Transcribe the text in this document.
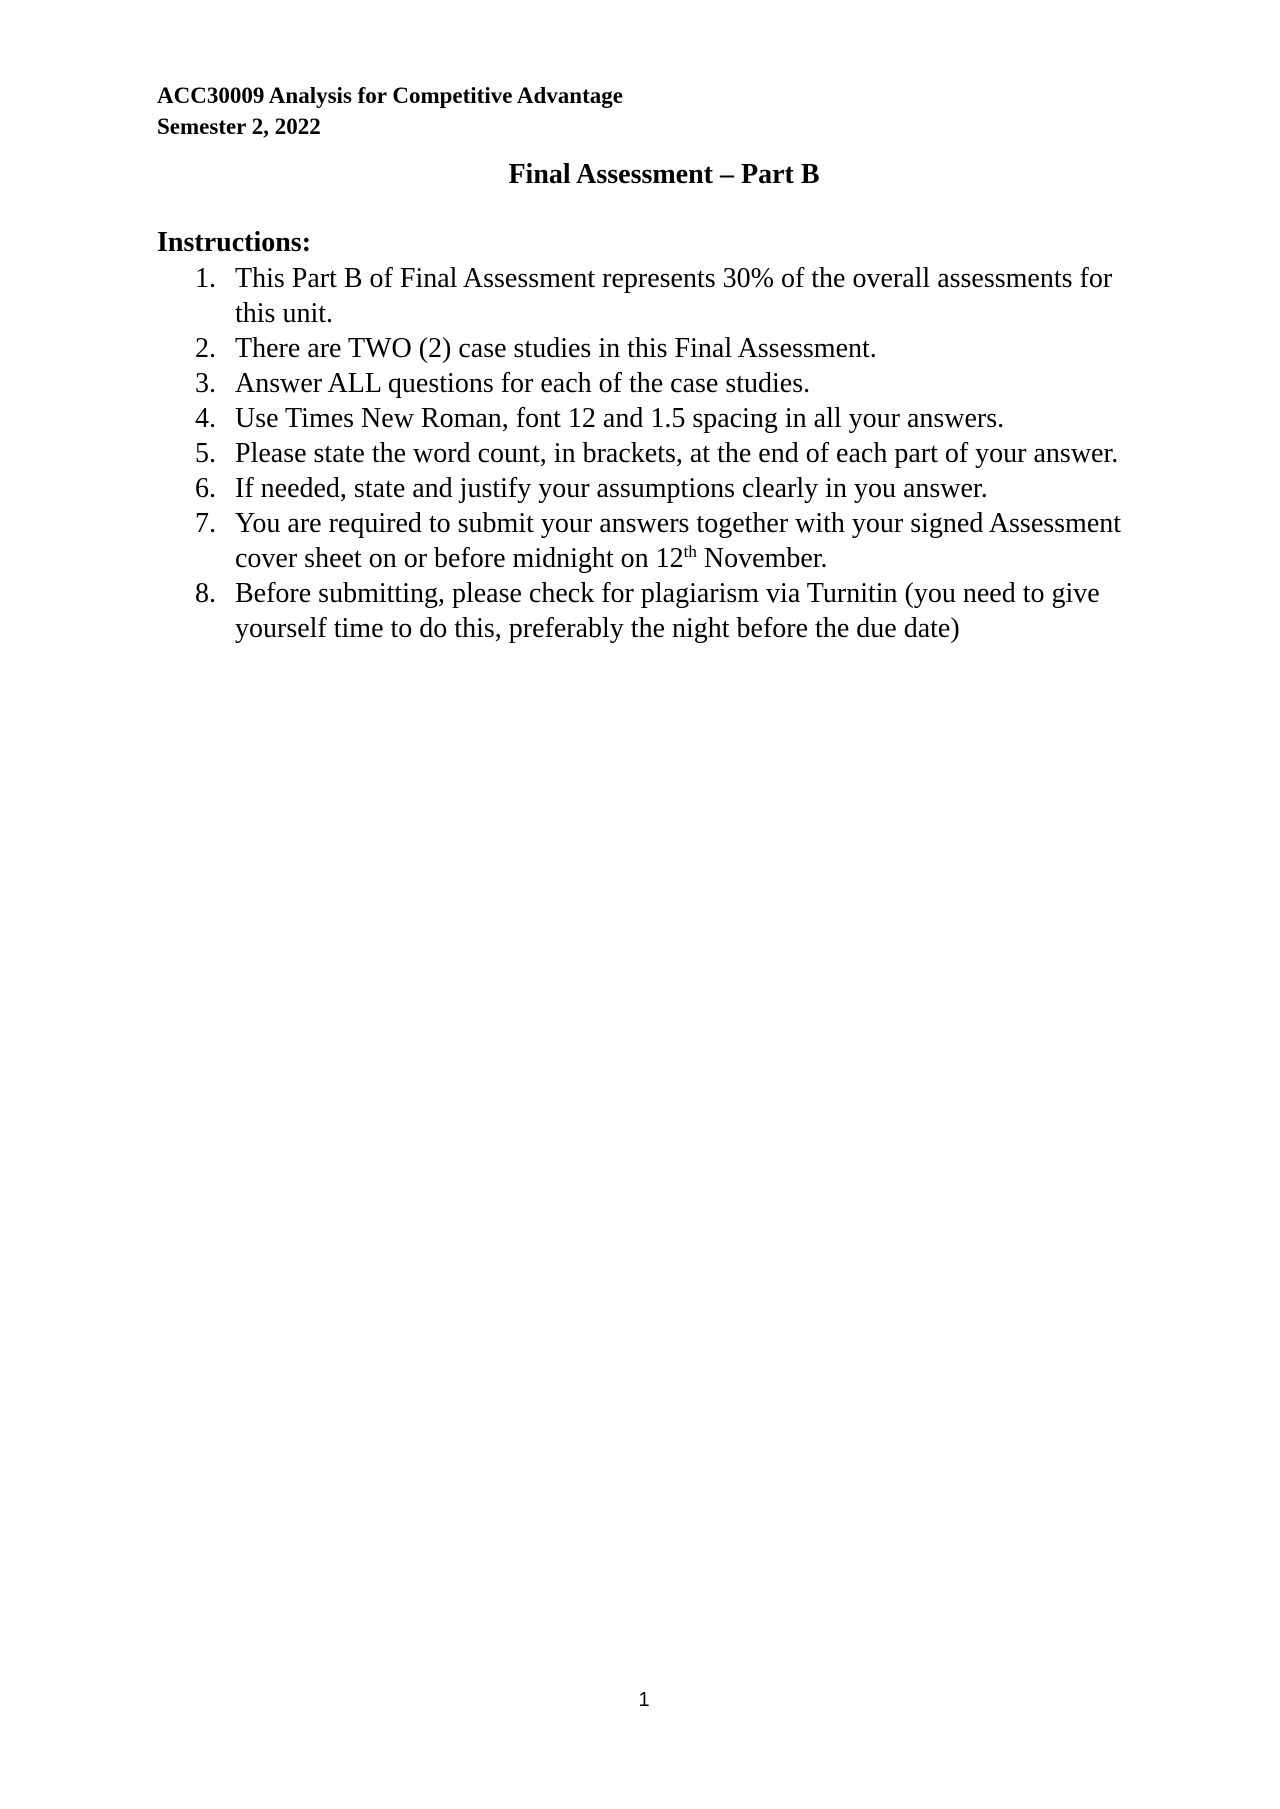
ACC30009 Analysis for Competitive Advantage
Semester 2, 2022
Final Assessment – Part B
Instructions:
1. This Part B of Final Assessment represents 30% of the overall assessments for this unit.
2. There are TWO (2) case studies in this Final Assessment.
3. Answer ALL questions for each of the case studies.
4. Use Times New Roman, font 12 and 1.5 spacing in all your answers.
5. Please state the word count, in brackets, at the end of each part of your answer.
6. If needed, state and justify your assumptions clearly in you answer.
7. You are required to submit your answers together with your signed Assessment cover sheet on or before midnight on 12th November.
8. Before submitting, please check for plagiarism via Turnitin (you need to give yourself time to do this, preferably the night before the due date)
1
